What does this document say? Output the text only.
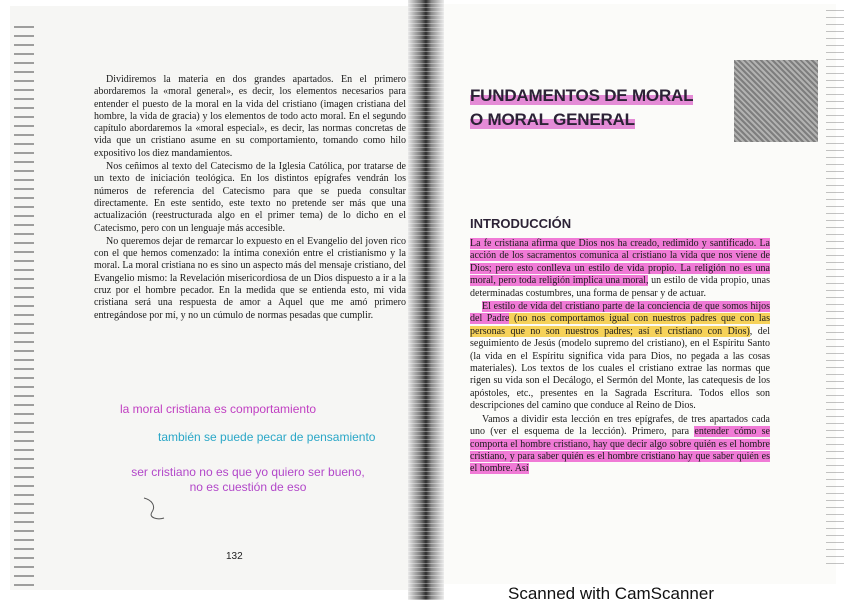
Dividiremos la materia en dos grandes apartados. En el primero abordaremos la «moral general», es decir, los elementos necesarios para entender el puesto de la moral en la vida del cristiano (imagen cristiana del hombre, la vida de gracia) y los elementos de todo acto moral. En el segundo capítulo abordaremos la «moral especial», es decir, las normas concretas de vida que un cristiano asume en su comportamiento, tomando como hilo expositivo los diez mandamientos.

Nos ceñimos al texto del Catecismo de la Iglesia Católica, por tratarse de un texto de iniciación teológica. En los distintos epígrafes vendrán los números de referencia del Catecismo para que se pueda consultar directamente. En este sentido, este texto no pretende ser más que una actualización (reestructurada algo en el primer tema) de lo dicho en el Catecismo, pero con un lenguaje más accesible.

No queremos dejar de remarcar lo expuesto en el Evangelio del joven rico con el que hemos comenzado: la íntima conexión entre el cristianismo y la moral. La moral cristiana no es sino un aspecto más del mensaje cristiano, del Evangelio mismo: la Revelación misericordiosa de un Dios dispuesto a ir a la cruz por el hombre pecador. En la medida que se entienda esto, mi vida cristiana será una respuesta de amor a Aquel que me amó primero entregándose por mí, y no un cúmulo de normas pesadas que cumplir.

132
la moral cristiana es comportamiento
también se puede pecar de pensamiento
ser cristiano no es que yo quiero ser bueno,
no es cuestión de eso
FUNDAMENTOS DE MORAL
O MORAL GENERAL
INTRODUCCIÓN

La fe cristiana afirma que Dios nos ha creado, redimido y santificado. La acción de los sacramentos comunica al cristiano la vida que nos viene de Dios; pero esto conlleva un estilo de vida propio. La religión no es una moral, pero toda religión implica una moral, un estilo de vida propio, unas determinadas costumbres, una forma de pensar y de actuar.

El estilo de vida del cristiano parte de la conciencia de que somos hijos del Padre (no nos comportamos igual con nuestros padres que con las personas que no son nuestros padres; así el cristiano con Dios), del seguimiento de Jesús (modelo supremo del cristiano), en el Espíritu Santo (la vida en el Espíritu significa vida para Dios, no pegada a las cosas materiales). Los textos de los cuales el cristiano extrae las normas que rigen su vida son el Decálogo, el Sermón del Monte, las catequesis de los apóstoles, etc., presentes en la Sagrada Escritura. Todos ellos son descripciones del camino que conduce al Reino de Dios.

Vamos a dividir esta lección en tres epígrafes, de tres apartados cada uno (ver el esquema de la lección). Primero, para entender cómo se comporta el hombre cristiano, hay que decir algo sobre quién es el hombre cristiano, y para saber quién es el hombre cristiano hay que saber quién es el hombre. Así

Scanned with CamScanner
